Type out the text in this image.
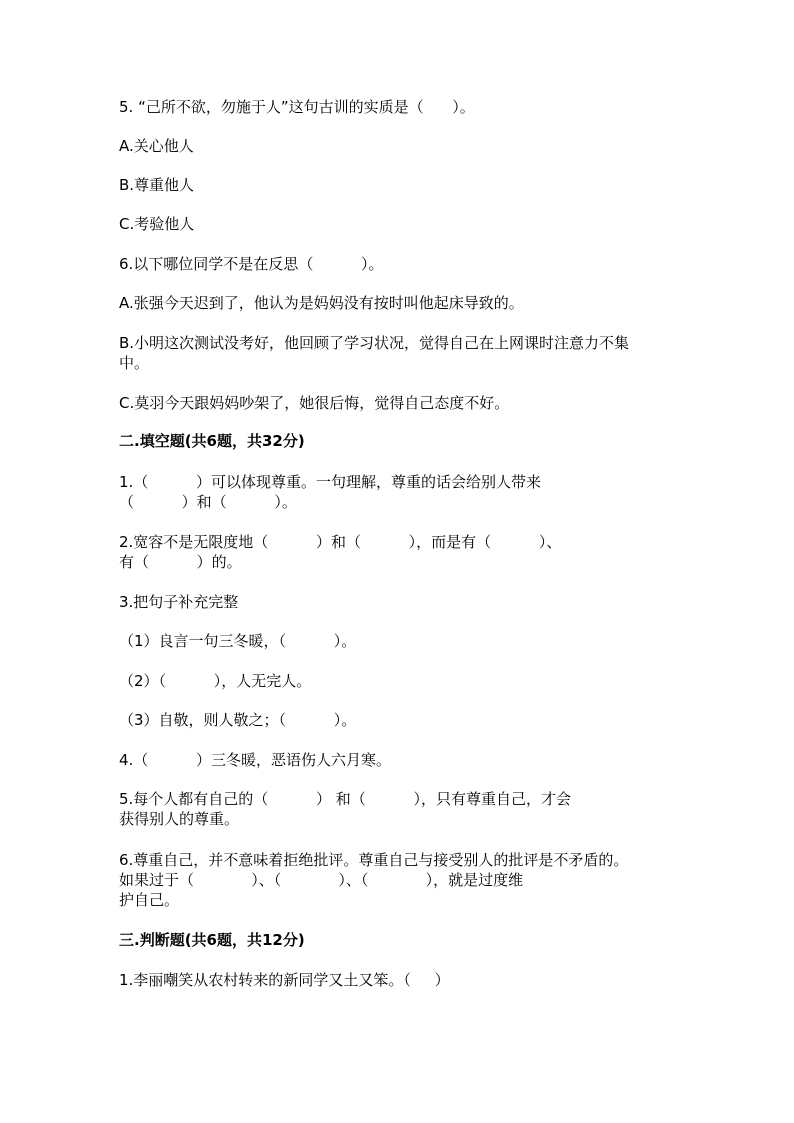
5. “己所不欲，勿施于人”这句古训的实质是（      ）。

A.关心他人

B.尊重他人

C.考验他人

6.以下哪位同学不是在反思（          ）。

A.张强今天迟到了，他认为是妈妈没有按时叫他起床导致的。

B.小明这次测试没考好，他回顾了学习状况，觉得自己在上网课时注意力不集

中。

C.莫羽今天跟妈妈吵架了，她很后悔，觉得自己态度不好。

二.填空题(共6题，共32分)

1.（          ）可以体现尊重。一句理解，尊重的话会给别人带来

（          ）和（          ）。

2.宽容不是无限度地（          ）和（          ），而是有（          ）、

有（          ）的。

3.把句子补充完整

（1）良言一句三冬暖，（          ）。

（2）（          ），人无完人。

（3）自敬，则人敬之；（          ）。

4.（          ）三冬暖，恶语伤人六月寒。

5.每个人都有自己的（          ） 和（          ），只有尊重自己，才会

获得别人的尊重。

6.尊重自己，并不意味着拒绝批评。尊重自己与接受别人的批评是不矛盾的。

如果过于（            ）、（            ）、（            ），就是过度维

护自己。

三.判断题(共6题，共12分)

1.李丽嘲笑从农村转来的新同学又土又笨。（     ）
